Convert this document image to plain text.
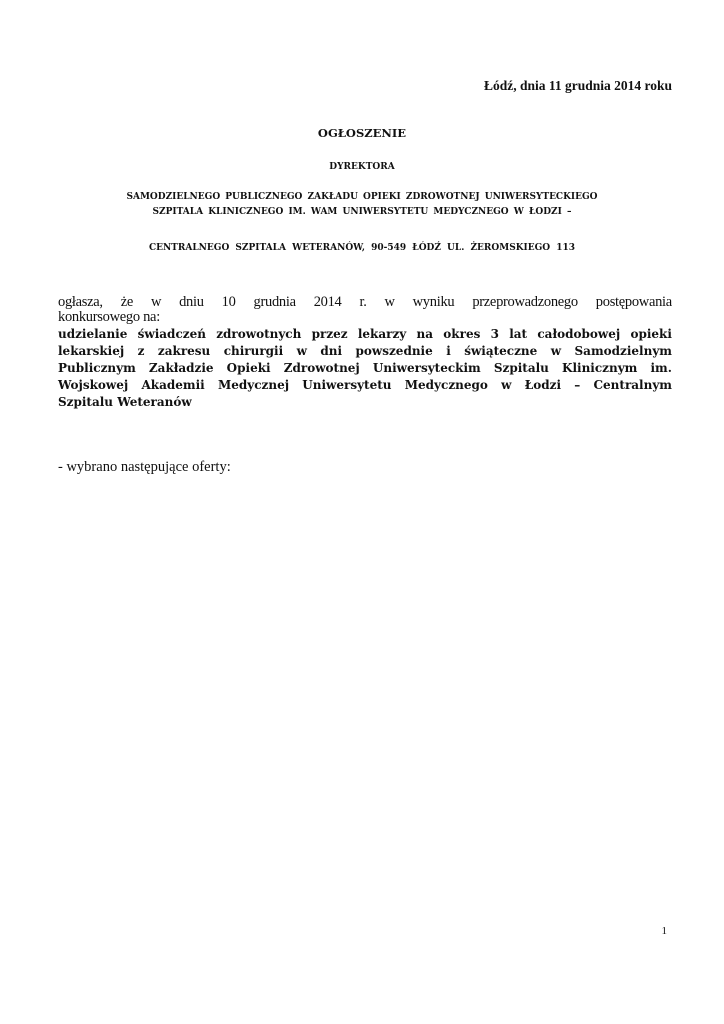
Łódź, dnia 11 grudnia 2014 roku
OGŁOSZENIE
DYREKTORA
SAMODZIELNEGO PUBLICZNEGO ZAKŁADU OPIEKI ZDROWOTNEJ UNIWERSYTECKIEGO
SZPITALA KLINICZNEGO IM. WAM UNIWERSYTETU MEDYCZNEGO W ŁODZI –
CENTRALNEGO SZPITALA WETERANÓW, 90-549 ŁÓDŹ UL. ŻEROMSKIEGO 113
ogłasza, że w dniu 10 grudnia 2014 r. w wyniku przeprowadzonego postępowania
konkursowego na:
udzielanie świadczeń zdrowotnych przez lekarzy na okres 3 lat całodobowej opieki
lekarskiej z zakresu chirurgii w dni powszednie i świąteczne w Samodzielnym
Publicznym Zakładzie Opieki Zdrowotnej Uniwersyteckim Szpitalu Klinicznym im.
Wojskowej Akademii Medycznej Uniwersytetu Medycznego w Łodzi – Centralnym
Szpitalu Weteranów
- wybrano następujące oferty:
1
